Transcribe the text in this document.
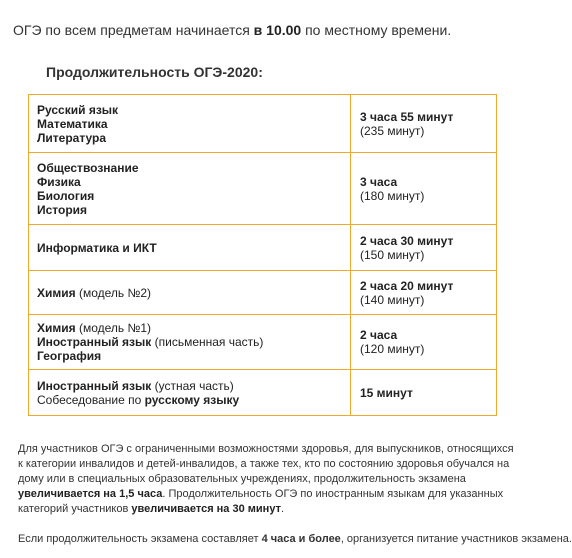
ОГЭ по всем предметам начинается в 10.00 по местному времени.
Продолжительность ОГЭ-2020:
Русский язык
Математика
Литература	3 часа 55 минут
(235 минут)

Обществознание
Физика
Биология
История	3 часа
(180 минут)

Информатика и ИКТ	2 часа 30 минут
(150 минут)

Химия (модель №2)	2 часа 20 минут
(140 минут)

Химия (модель №1)
Иностранный язык (письменная часть)
География	2 часа
(120 минут)

Иностранный язык (устная часть)
Собеседование по русскому языку	15 минут
Для участников ОГЭ с ограниченными возможностями здоровья, для выпускников, относящихся к категории инвалидов и детей-инвалидов, а также тех, кто по состоянию здоровья обучался на дому или в специальных образовательных учреждениях, продолжительность экзамена увеличивается на 1,5 часа. Продолжительность ОГЭ по иностранным языкам для указанных категорий участников увеличивается на 30 минут.
Если продолжительность экзамена составляет 4 часа и более, организуется питание участников экзамена.
